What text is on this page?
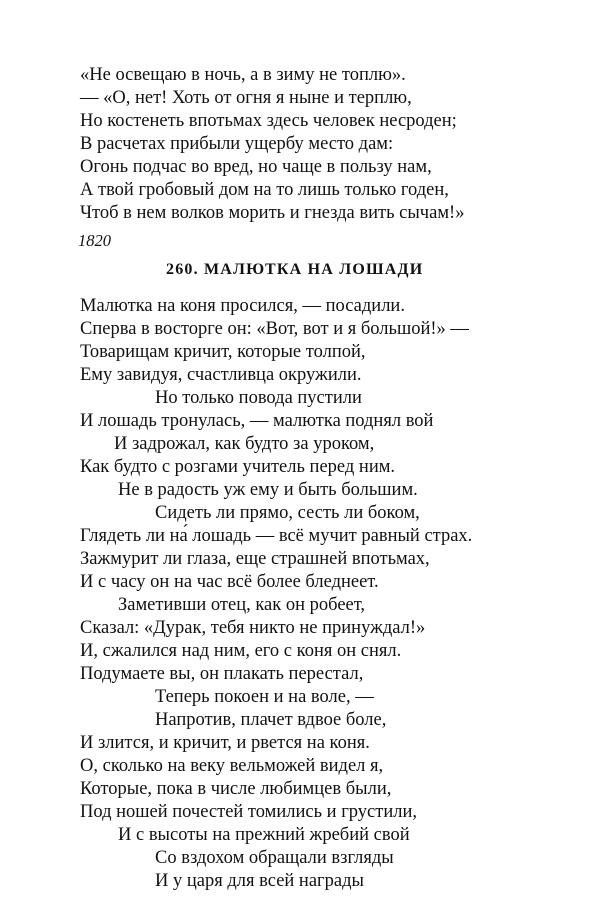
«Не освещаю в ночь, а в зиму не топлю».
— «О, нет! Хоть от огня я ныне и терплю,
Но костенеть впотьмах здесь человек несроден;
В расчетах прибыли ущербу место дам:
Огонь подчас во вред, но чаще в пользу нам,
А твой гробовый дом на то лишь только годен,
Чтоб в нем волков морить и гнезда вить сычам!»
1820
260. МАЛЮТКА НА ЛОШАДИ
Малютка на коня просился, — посадили.
Сперва в восторге он: «Вот, вот и я большой!» —
Товарищам кричит, которые толпой,
Ему завидуя, счастливца окружили.
Но только повода пустили
И лошадь тронулась, — малютка поднял вой
И задрожал, как будто за уроком,
Как будто с розгами учитель перед ним.
Не в радость уж ему и быть большим.
Сидеть ли прямо, сесть ли боком,
Глядеть ли на́ лошадь — всё мучит равный страх.
Зажмурит ли глаза, еще страшней впотьмах,
И с часу он на час всё более бледнеет.
Заметивши отец, как он робеет,
Сказал: «Дурак, тебя никто не принуждал!»
И, сжалился над ним, его с коня он снял.
Подумаете вы, он плакать перестал,
Теперь покоен и на воле, —
Напротив, плачет вдвое боле,
И злится, и кричит, и рвется на коня.
О, сколько на веку вельможей видел я,
Которые, пока в числе любимцев были,
Под ношей почестей томились и грустили,
И с высоты на прежний жребий свой
Со вздохом обращали взгляды
И у царя для всей награды
